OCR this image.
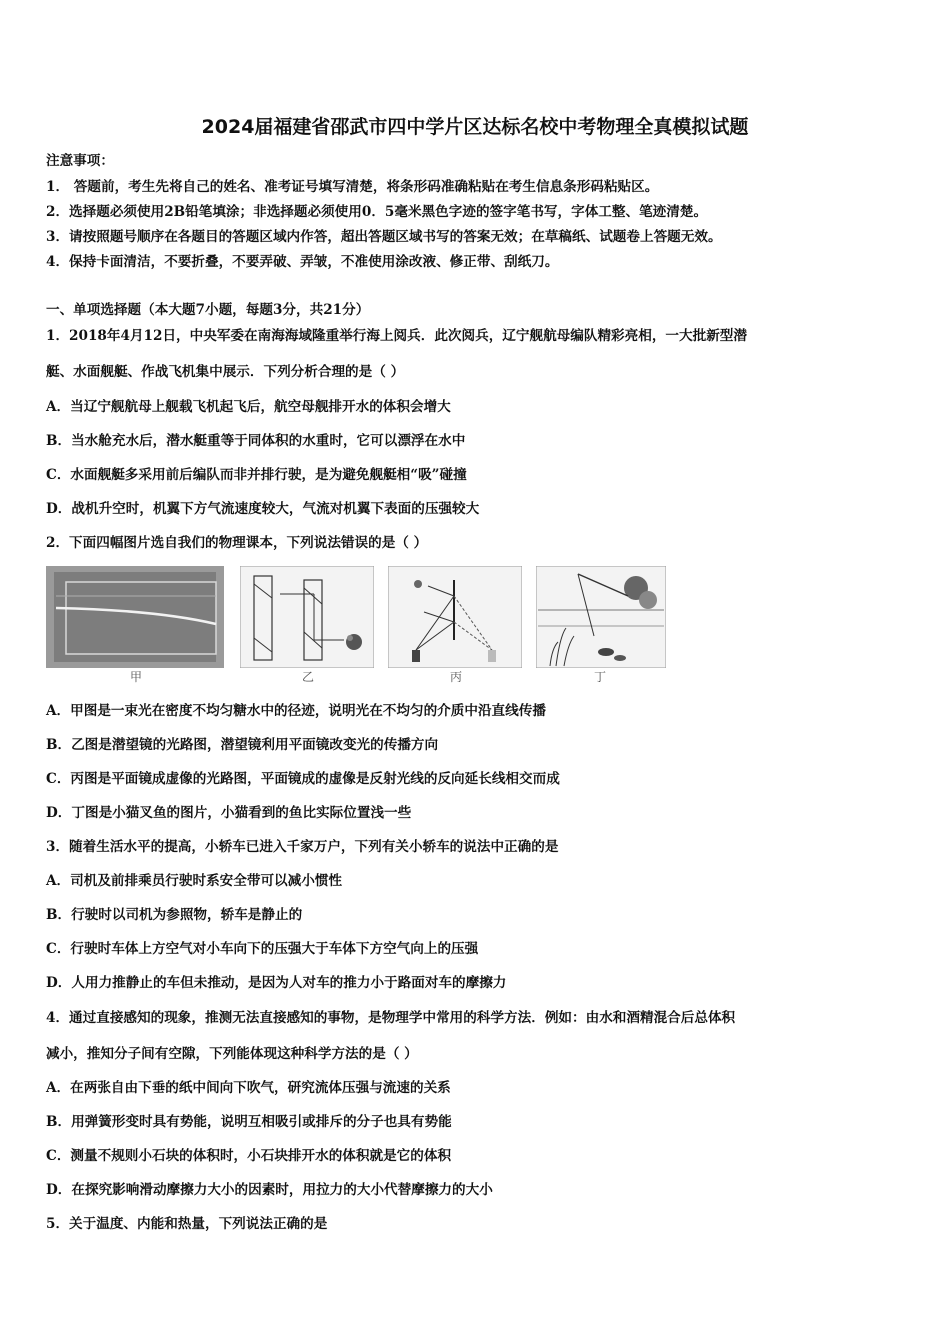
2024届福建省邵武市四中学片区达标名校中考物理全真模拟试题
注意事项：
1． 答题前，考生先将自己的姓名、准考证号填写清楚，将条形码准确粘贴在考生信息条形码粘贴区。
2．选择题必须使用2B铅笔填涂；非选择题必须使用0．5毫米黑色字迹的签字笔书写，字体工整、笔迹清楚。
3．请按照题号顺序在各题目的答题区域内作答，超出答题区域书写的答案无效；在草稿纸、试题卷上答题无效。
4．保持卡面清洁，不要折叠，不要弄破、弄皱，不准使用涂改液、修正带、刮纸刀。
一、单项选择题（本大题7小题，每题3分，共21分）
1．2018年4月12日，中央军委在南海海域隆重举行海上阅兵．此次阅兵，辽宁舰航母编队精彩亮相，一大批新型潜
艇、水面舰艇、作战飞机集中展示．下列分析合理的是（ ）
A．当辽宁舰航母上舰载飞机起飞后，航空母舰排开水的体积会增大
B．当水舱充水后，潜水艇重等于同体积的水重时，它可以漂浮在水中
C．水面舰艇多采用前后编队而非并排行驶，是为避免舰艇相“吸”碰撞
D．战机升空时，机翼下方气流速度较大，气流对机翼下表面的压强较大
2．下面四幅图片选自我们的物理课本，下列说法错误的是（ ）
甲	乙	丙	丁
A．甲图是一束光在密度不均匀糖水中的径迹，说明光在不均匀的介质中沿直线传播
B．乙图是潜望镜的光路图，潜望镜利用平面镜改变光的传播方向
C．丙图是平面镜成虚像的光路图，平面镜成的虚像是反射光线的反向延长线相交而成
D．丁图是小猫叉鱼的图片，小猫看到的鱼比实际位置浅一些
3．随着生活水平的提高，小轿车已进入千家万户，下列有关小轿车的说法中正确的是
A．司机及前排乘员行驶时系安全带可以减小惯性
B．行驶时以司机为参照物，轿车是静止的
C．行驶时车体上方空气对小车向下的压强大于车体下方空气向上的压强
D．人用力推静止的车但未推动，是因为人对车的推力小于路面对车的摩擦力
4．通过直接感知的现象，推测无法直接感知的事物，是物理学中常用的科学方法．例如：由水和酒精混合后总体积
减小，推知分子间有空隙，下列能体现这种科学方法的是（ ）
A．在两张自由下垂的纸中间向下吹气，研究流体压强与流速的关系
B．用弹簧形变时具有势能，说明互相吸引或排斥的分子也具有势能
C．测量不规则小石块的体积时，小石块排开水的体积就是它的体积
D．在探究影响滑动摩擦力大小的因素时，用拉力的大小代替摩擦力的大小
5．关于温度、内能和热量，下列说法正确的是
